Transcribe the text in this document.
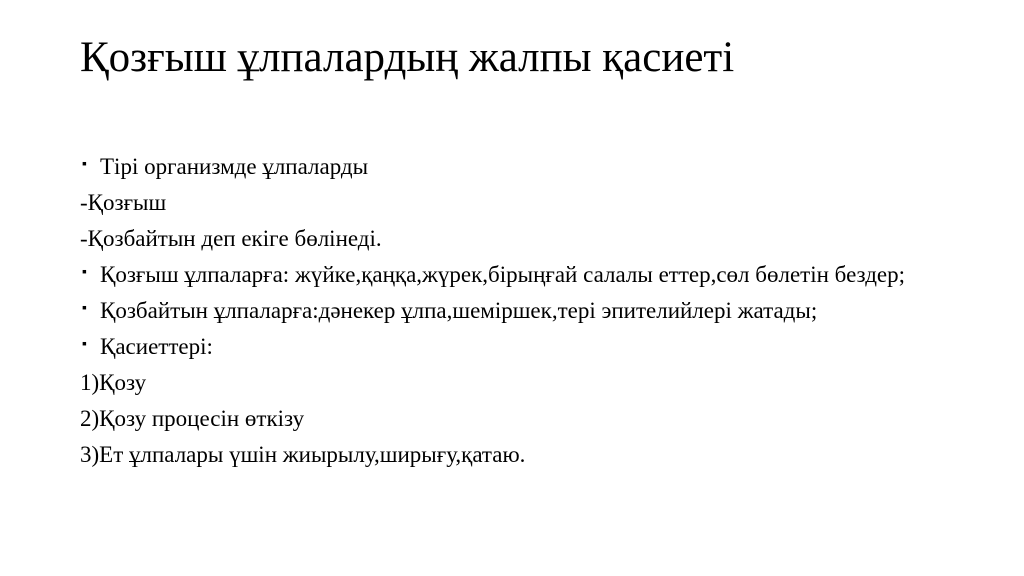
Қозғыш ұлпалардың жалпы қасиеті

▪ Тірі организмде ұлпаларды

-Қозғыш

-Қозбайтын деп екігe бөлінеді.

▪ Қозғыш ұлпаларға: жүйке,қаңқа,жүрек,бірыңғай салалы еттер,сөл бөлетін бездер;

▪ Қозбайтын ұлпаларға:дәнекер ұлпа,шеміршек,тері эпителийлері жатады;

▪ Қасиеттері:

1)Қозу

2)Қозу процесін өткізу

3)Ет ұлпалары үшін жиырылу,ширығу,қатаю.
